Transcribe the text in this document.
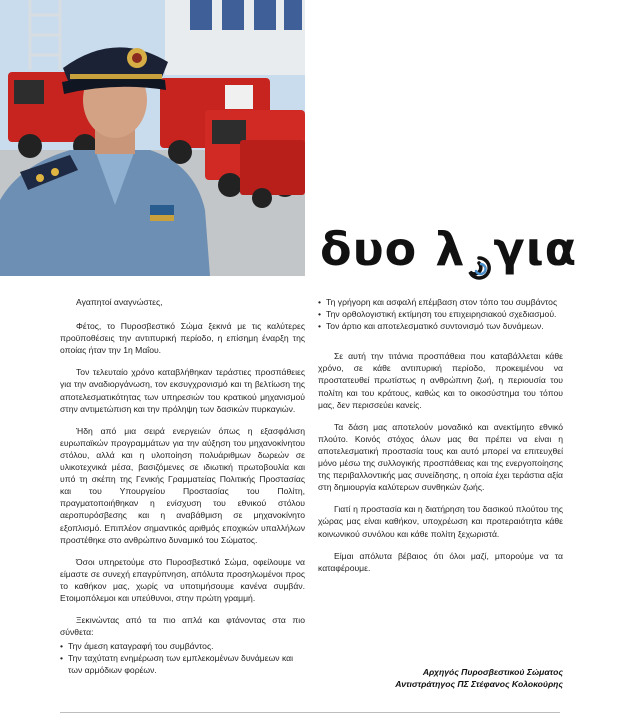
δυο λ για

Αγαπητοί αναγνώστες,

Φέτος, το Πυροσβεστικό Σώμα ξεκινά με τις καλύτερες προϋποθέσεις την αντιπυρική περίοδο, η επίσημη έναρξη της οποίας ήταν την 1η Μαΐου.

Τον τελευταίο χρόνο καταβλήθηκαν τεράστιες προσπάθειες για την αναδιοργάνωση, τον εκσυγχρονισμό και τη βελτίωση της αποτελεσματικότητας των υπηρεσιών του κρατικού μηχανισμού στην αντιμετώπιση και την πρόληψη των δασικών πυρκαγιών.

Ήδη από μια σειρά ενεργειών όπως η εξασφάλιση ευρωπαϊκών προγραμμάτων για την αύξηση του μηχανοκίνητου στόλου, αλλά και η υλοποίηση πολυάριθμων δωρεών σε υλικοτεχνικά μέσα, βασιζόμενες σε ιδιωτική πρωτοβουλία και υπό τη σκέπη της Γενικής Γραμματείας Πολιτικής Προστασίας και του Υπουργείου Προστασίας του Πολίτη, πραγματοποιήθηκαν η ενίσχυση του εθνικού στόλου αεροπυρόσβεσης και η αναβάθμιση σε μηχανοκίνητο εξοπλισμό. Επιπλέον σημαντικός αριθμός εποχικών υπαλλήλων προστέθηκε στο ανθρώπινο δυναμικό του Σώματος.

Όσοι υπηρετούμε στο Πυροσβεστικό Σώμα, οφείλουμε να είμαστε σε συνεχή επαγρύπνηση, απόλυτα προσηλωμένοι προς το καθήκον μας, χωρίς να υποτιμήσουμε κανένα συμβάν. Ετοιμοπόλεμοι και υπεύθυνοι, στην πρώτη γραμμή.

Ξεκινώντας από τα πιο απλά και φτάνοντας στα πιο σύνθετα:

• Την άμεση καταγραφή του συμβάντος.
• Την ταχύτατη ενημέρωση των εμπλεκομένων δυνάμεων και των αρμόδιων φορέων.
• Τη γρήγορη και ασφαλή επέμβαση στον τόπο του συμβάντος
• Την ορθολογιστική εκτίμηση του επιχειρησιακού σχεδιασμού.
• Τον άρτιο και αποτελεσματικό συντονισμό των δυνάμεων.

Σε αυτή την τιτάνια προσπάθεια που καταβάλλεται κάθε χρόνο, σε κάθε αντιπυρική περίοδο, προκειμένου να προστατευθεί πρωτίστως η ανθρώπινη ζωή, η περιουσία του πολίτη και του κράτους, καθώς και το οικοσύστημα του τόπου μας, δεν περισσεύει κανείς.

Τα δάση μας αποτελούν μοναδικό και ανεκτίμητο εθνικό πλούτο. Κοινός στόχος όλων μας θα πρέπει να είναι η αποτελεσματική προστασία τους και αυτό μπορεί να επιτευχθεί μόνο μέσω της συλλογικής προσπάθειας και της ενεργοποίησης της περιβαλλοντικής μας συνείδησης, η οποία έχει τεράστια αξία στη δημιουργία καλύτερων συνθηκών ζωής.

Γιατί η προστασία και η διατήρηση του δασικού πλούτου της χώρας μας είναι καθήκον, υποχρέωση και προτεραιότητα κάθε κοινωνικού συνόλου και κάθε πολίτη ξεχωριστά.

Είμαι απόλυτα βέβαιος ότι όλοι μαζί, μπορούμε να τα καταφέρουμε.

Αρχηγός Πυροσβεστικού Σώματος
Αντιστράτηγος ΠΣ Στέφανος Κολοκούρης
